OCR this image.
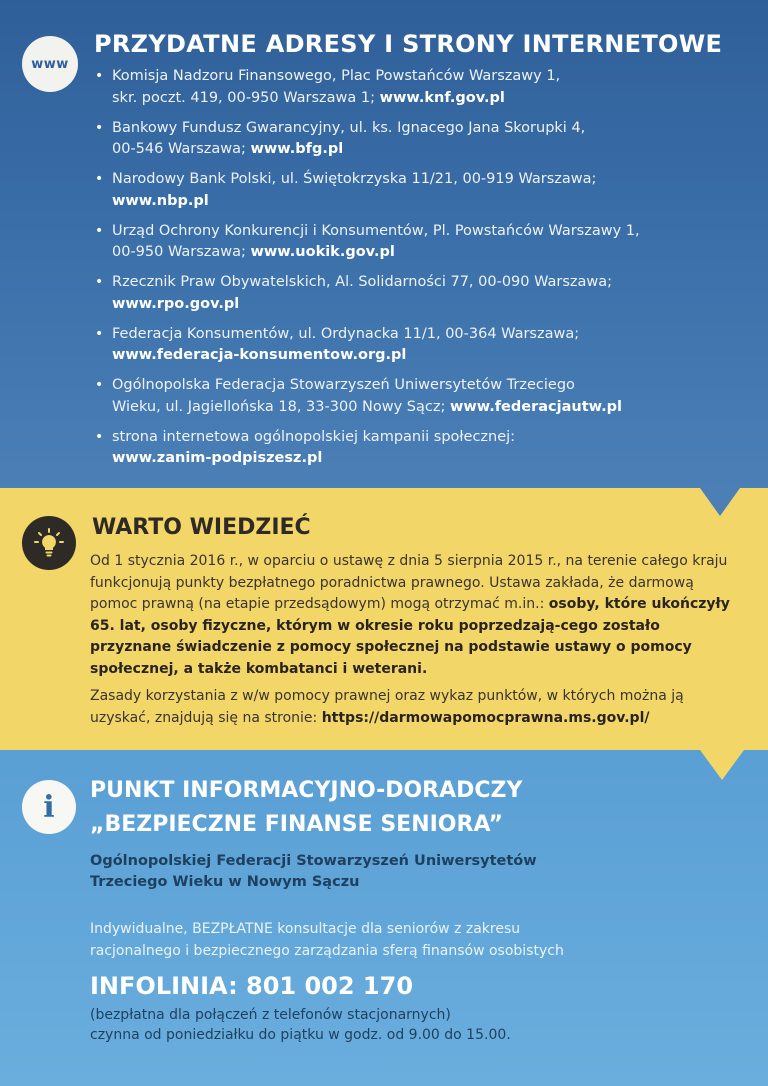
www
PRZYDATNE ADRESY I STRONY INTERNETOWE
• Komisja Nadzoru Finansowego, Plac Powstańców Warszawy 1,
skr. poczt. 419, 00-950 Warszawa 1; www.knf.gov.pl
• Bankowy Fundusz Gwarancyjny, ul. ks. Ignacego Jana Skorupki 4,
00-546 Warszawa; www.bfg.pl
• Narodowy Bank Polski, ul. Świętokrzyska 11/21, 00-919 Warszawa;
www.nbp.pl
• Urząd Ochrony Konkurencji i Konsumentów, Pl. Powstańców Warszawy 1,
00-950 Warszawa; www.uokik.gov.pl
• Rzecznik Praw Obywatelskich, Al. Solidarności 77, 00-090 Warszawa;
www.rpo.gov.pl
• Federacja Konsumentów, ul. Ordynacka 11/1, 00-364 Warszawa;
www.federacja-konsumentow.org.pl
• Ogólnopolska Federacja Stowarzyszeń Uniwersytetów Trzeciego
Wieku, ul. Jagiellońska 18, 33-300 Nowy Sącz; www.federacjautw.pl
• strona internetowa ogólnopolskiej kampanii społecznej:
www.zanim-podpiszesz.pl
WARTO WIEDZIEĆ

Od 1 stycznia 2016 r., w oparciu o ustawę z dnia 5 sierpnia 2015 r., na terenie całego kraju funkcjonują punkty bezpłatnego poradnictwa prawnego. Ustawa zakłada, że darmową pomoc prawną (na etapie przedsądowym) mogą otrzymać m.in.: osoby, które ukończyły 65. lat, osoby fizyczne, którym w okresie roku poprzedzają-cego zostało przyznane świadczenie z pomocy społecznej na podstawie ustawy o pomocy społecznej, a także kombatanci i weterani.

Zasady korzystania z w/w pomocy prawnej oraz wykaz punktów, w których można ją uzyskać, znajdują się na stronie: https://darmowapomocprawna.ms.gov.pl/

i PUNKT INFORMACYJNO-DORADCZY
„BEZPIECZNE FINANSE SENIORA”

Ogólnopolskiej Federacji Stowarzyszeń Uniwersytetów
Trzeciego Wieku w Nowym Sączu

Indywidualne, BEZPŁATNE konsultacje dla seniorów z zakresu
racjonalnego i bezpiecznego zarządzania sferą finansów osobistych

INFOLINIA: 801 002 170

(bezpłatna dla połączeń z telefonów stacjonarnych)
czynna od poniedziałku do piątku w godz. od 9.00 do 15.00.
